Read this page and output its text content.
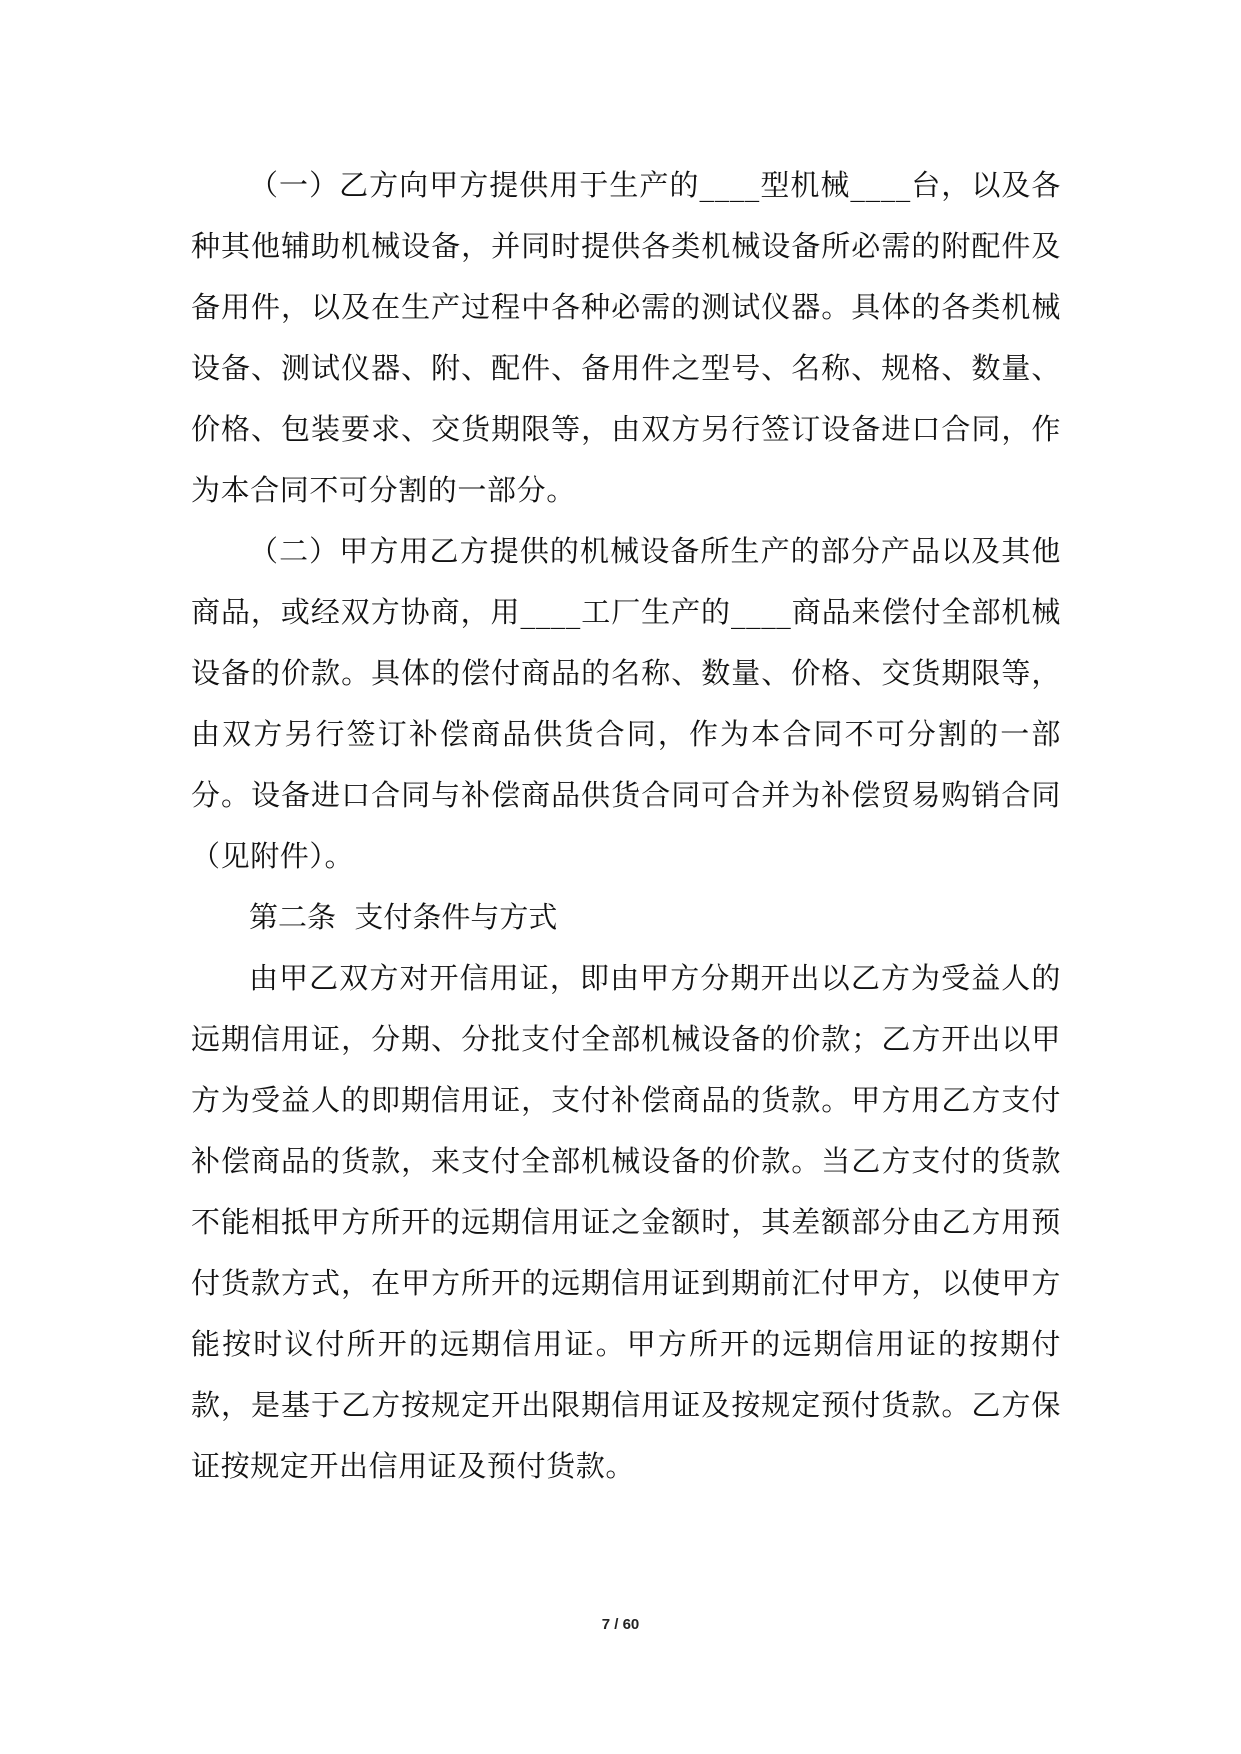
（一）乙方向甲方提供用于生产的____型机械____台，以及各种其他辅助机械设备，并同时提供各类机械设备所必需的附配件及备用件，以及在生产过程中各种必需的测试仪器。具体的各类机械设备、测试仪器、附、配件、备用件之型号、名称、规格、数量、价格、包装要求、交货期限等，由双方另行签订设备进口合同，作为本合同不可分割的一部分。

（二）甲方用乙方提供的机械设备所生产的部分产品以及其他商品，或经双方协商，用____工厂生产的____商品来偿付全部机械设备的价款。具体的偿付商品的名称、数量、价格、交货期限等，由双方另行签订补偿商品供货合同，作为本合同不可分割的一部分。设备进口合同与补偿商品供货合同可合并为补偿贸易购销合同（见附件）。

第二条  支付条件与方式

由甲乙双方对开信用证，即由甲方分期开出以乙方为受益人的远期信用证，分期、分批支付全部机械设备的价款；乙方开出以甲方为受益人的即期信用证，支付补偿商品的货款。甲方用乙方支付补偿商品的货款，来支付全部机械设备的价款。当乙方支付的货款不能相抵甲方所开的远期信用证之金额时，其差额部分由乙方用预付货款方式，在甲方所开的远期信用证到期前汇付甲方，以使甲方能按时议付所开的远期信用证。甲方所开的远期信用证的按期付款，是基于乙方按规定开出限期信用证及按规定预付货款。乙方保证按规定开出信用证及预付货款。

7 / 60
